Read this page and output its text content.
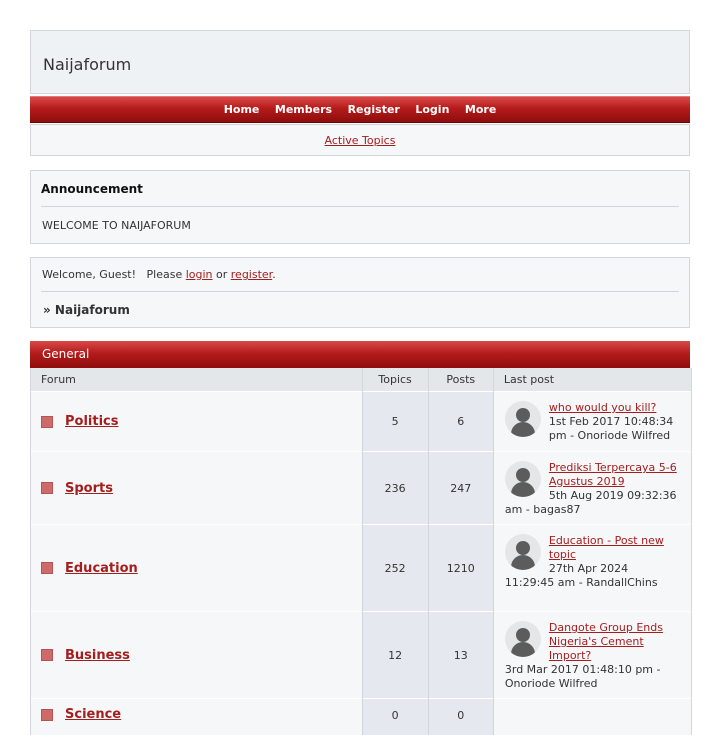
Naijaforum
Home Members Register Login More
Active Topics
Announcement
WELCOME TO NAIJAFORUM
Welcome, Guest!   Please login or register.
» Naijaforum
General
Forum	Topics	Posts	Last post

Politics	5	6	who would you kill?
1st Feb 2017 10:48:34 pm - Onoriode Wilfred

Sports	236	247	Prediksi Terpercaya 5-6 Agustus 2019
5th Aug 2019 09:32:36 am - bagas87

Education	252	1210	Education - Post new topic
27th Apr 2024 11:29:45 am - RandallChins

Business	12	13	Dangote Group Ends Nigeria's Cement Import?
3rd Mar 2017 01:48:10 pm - Onoriode Wilfred

Science	0	0	
